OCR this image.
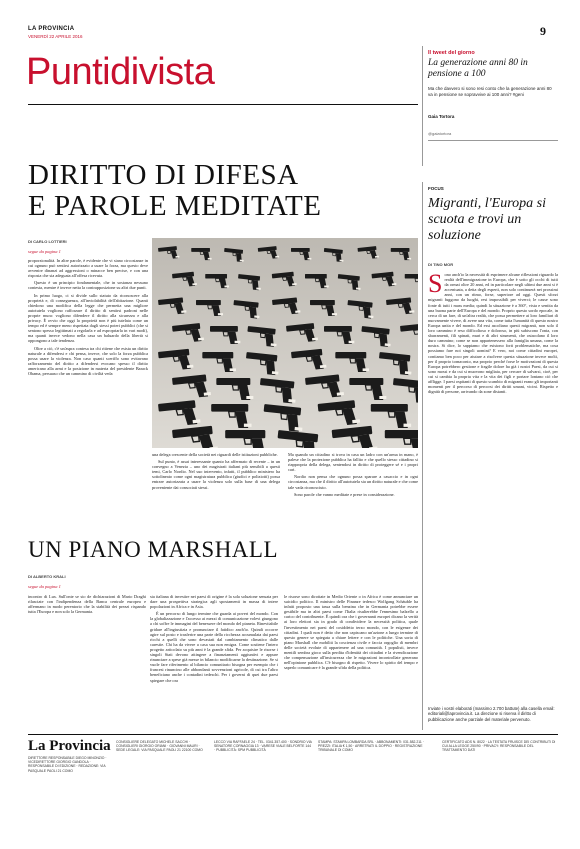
LA PROVINCIA
VENERDÌ 22 APRILE 2016	9
Puntidivista	Il tweet del giorno
La generazione anni 80 in pensione a 100
Ma che davvero si sono resi conto che la generazione anni 80 va in pensione se sopravvive ai 100 anni? #geni
Gaia Tortora
@gaiatortora
DIRITTO DI DIFESA
E PAROLE MEDITATE
DI CARLO LOTTIERI
segue da pagina 1

proporzionalità. In altre parole, è evidente che vi siano circostanze in cui ognuno può sentirsi autorizzato a usare la forza, ma questo deve avvenire dinanzi ad aggressioni o minacce ben precise, e con una risposta che sia adeguata all'offesa ricevuta.

Questo è un principio fondamentale, che in sostanza nessuno contesta, mentre è invece netta la contrapposizione su altri due punti.

In primo luogo, ci si divide sullo statuto da riconoscere alla proprietà e, di conseguenza, all'inviolabilità dell'abitazione. Quanti chiedono una modifica della legge che permetta una migliore autotutela vogliono rafforzare il diritto di sentirsi padroni nelle proprie mura: vogliono difendere il diritto alla sicurezza e alla privacy. È ovvio che oggi la proprietà non è più tutelata come un tempo ed è sempre meno rispettata dagli stessi poteri pubblici (che si sentono spesso legittimati a regolarla e ad espropriarla in vari modi), ma quanti invece vedono nella casa un baluardo della libertà si oppongono a tale tendenza.

Oltre a ciò, c'è un'aspra contesa tra chi ritiene che esista un diritto naturale a difendersi e chi pensa, invece, che solo la forza pubblica possa usare la violenza. Non caso quanti sceriffo sono evitavano rafforzamento del diritto a difendersi evocano spesso il diritto americano alla armi e la posizione in materia del presidente Barack Obama, persuaso che un cammino di civiltà veda

una delega crescente della società nei riguardi delle istituzioni pubbliche.

Sul punto, è assai interessante quanto ha affermato di recente – in un convegno a Venezia – uno dei magistrati italiani più sensibili a questi temi, Carlo Nordio. Nel suo intervento, infatti, il pubblico ministero ha sottolineato come ogni magistratura pubblica (giudici e poliziotti) possa entrare autorizzata a usare la violenza solo sulla base di una delega proveniente dai consociati stessi.

Ma quando un cittadino si trova in casa un ladro con un'arma in mano, è palese che la protezione pubblica ha fallito e che quello stesso cittadino si riappropria della delega, sentendosi in diritto di proteggere sé e i propri cari.

Nordio non pensa che ognuno possa sparare a casaccio e in ogni circostanza, ma che il diritto all'autotutela sia un diritto naturale e che come tale vada riconosciuto.

Sono parole che vanno meditate e prese in considerazione.

UN PIANO MARSHALL
DI ALBERTO KRALI
segue da pagina 1

incontro di Lux. Sull'onte se sio de dichiarazioni di Mario Draghi rilasciate con l'indipendenza della Banca centrale europea e affermano in modo perentorio che la stabilità dei prezzi rispando tutta l'Europa e non solo la Germania.

sta italiana di investire nei paesi di origine è la sola soluzione sensata per dare una prospettiva strategica agli spostamenti in massa di intere popolazioni in Africa e in Asia.

È un percorso di lungo termine che guarda ai poveri del mondo. Con la globalizzazione e l'accesso ai mezzi di comunicazione volevi giungono a chi soffre le immagini del benessere del mondo del pianeta. Rinevitabile gridare all'ingiustizia e pronunciare il fatidico anch'io. Quindi occorre agire sul posto e trasferire una parte della ricchezza accumulata dai paesi ricchi a quelli che sono devastati dal cambiamento climatico dalle carestie. Chi ha da vivere a casa sua non emigra. Come sostiene l'intero progetto articolato su più anni è la grande sfida. Per acquisire le risorse i singoli Stati devono attingere a finanziamenti aggiuntivi e appure rinunciare a spese già messe in bilancio modificarne la destinazione. Se si vuole fare riferimento al bilancio comunitario bisogna per esempio che i francesi rinuncino alle abbondanti sovvenzioni agricole, di cui tra l'altro beneficiano anche i contadini tedeschi. Per i governi di quei due paesi spiegare che ora

le risorse sono dirottate in Medio Oriente o in Africa è come annunciare un suicidio politico. Il ministro delle Finanze tedesco Wolfgang Schäuble ha infatti proposto una tassa sulla benzina che in Germania potrebbe essere gestibile ma in altri paesi come l'Italia risulterebbe l'ennesimo balzello a carico del contribuente. È quindi ora che i governanti europei dicano la verità ai loro elettori sia in grado di condividere la necessità politica, quale l'investimento nei paesi del cosiddetto terzo mondo, con le esigenze dei cittadini. I quali non è detto che non capiscano un'azione a lungo termine di questo genere se spiegata a chiare lettere e con le politiche. Una sorta di piano Marshall che mobiliti la coscienza civile e faccia orgoglio di membri delle società evolute di appartenere ad una comunità. I populisti, invece mentili sembra gioco sulla perdita d'identità dei cittadini e la rivendicazione che compensazione all'insicurezza che le migrazioni incontrollate generano nell'opinione pubblica. C'è bisogno di rispetto. Vivere lo spirito del tempo e saperlo comunicare è la grande sfida della politica.

FOCUS
Migranti, l'Europa si scuota e trovi un soluzione
DI TINO MOR
S ono anch'io la necessità di esprimere alcune riflessioni riguardo la realtà dell'immigrazione in Europa, che è sotto gli occhi di tutti da ormai oltre 20 anni, ed in particolare negli ultimi due anni si è accentuata, a detta degli esperti, non solo continuerà nei prossimi anni, con un ritmo, forse, superiore ad oggi. Questi sforzi migranti fuggono da luoghi, resi impossibili per viverci; le cause sono fonte di tutti i mass media; quindi la situazione è a 360°, vista e sentita da una buona parte dell'Europa e del mondo. Proprio questo sordo epocale, in cerca di un fare, di un'altra realtà, che possa permettere ai loro familiari di nuovamente vivere, di avere una vita, come tutta l'umanità di questo nostro Europa unita e del mondo. Ed essi ascoltano questi migranti, non solo il loro cammino è reso difficoltoso e doloroso, in più subiscono l'onta, con sbarramenti, fili spinati, muri e di altri strumenti, che ostacolano il loro duro cammino; come se non appartenessero alla famiglia umana, come la nostra. Si dice, lo sappiamo che esistono forti problematiche, ma cosa possiamo fare noi singoli uomini? E vero, noi come cittadini europei, contiamo ben poco per aiutare a risolvere questa situazione invece molti, per il proprio tornaconto, ma proprio perché forse le motivazioni di questa Europa potrebbero gestione e fragile dolore ha già i nostri Paesi, da cui si sono mossi e da cui si muovono migliaia, per cercare di salvarsi, cioè, per cui si cambia la propria vita e la vita dei figli e portare lontano ciò che affligge. I paesi ospitanti di questo scambio di migranti erano gli importanti momenti per il percorso di percorsi dei diritti umani, vicini. Rispetto e dignità di persone, arrivando da zone distanti.
Inviate i vostri elaborati (massimo 2.700 battute) alla casella email: editoriali@laprovincia.it. La direzione si riserva il diritto di pubblicazione anche parziale del materiale pervenuto.
La Provincia
DIRETTORE RESPONSABILE DIEGO MINONZIO · VICEDIRETTORE GIORGIO GANDOLA · RESPONSABILE DI EDIZIONE · REDAZIONE: VIA PASQUALE PAOLI 21 COMO
CONSIGLIERE DELEGATO MICHELE SACCHI · CONSIGLIERI GIORGIO ORIANI · GIOVANNI MAURI · SEDE LEGALE: VIA PASQUALE PAOLI 21 22100 COMO
LECCO VIA RAFFAELE 24 · TEL. 0341.357.400 · SONDRIO VIA SENATORE CORNAGGIA 13 · VARESE VIALE BELFORTE 144 · PUBBLICITÀ: SPM PUBBLICITÀ
STAMPA: STAMPA LOMBARDA SRL · ABBONAMENTI: 031.582.211 · PREZZI: ITALIA € 1,50 · ARRETRATI IL DOPPIO · REGISTRAZIONE TRIBUNALE DI COMO
CERTIFICATO ADS N. 8022 · LA TESTATA FRUISCE DEI CONTRIBUTI DI CUI ALLA LEGGE 250/90 · PRIVACY: RESPONSABILE DEL TRATTAMENTO DATI
